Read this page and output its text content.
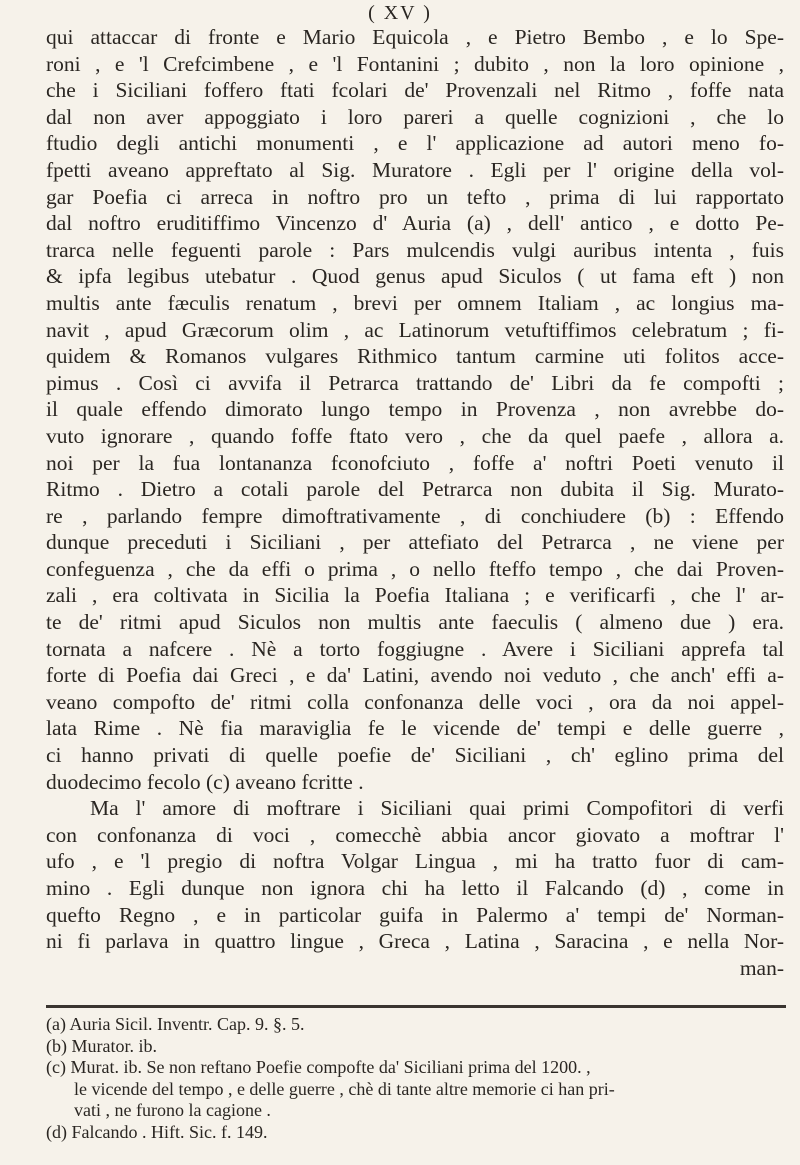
( XV )
qui attaccar di fronte e Mario Equicola , e Pietro Bembo , e lo Spe-
roni , e 'l Crefcimbene , e 'l Fontanini ; dubito , non la loro opinione ,
che i Siciliani foffero ftati fcolari de' Provenzali nel Ritmo , foffe nata
dal non aver appoggiato i loro pareri a quelle cognizioni , che lo
ftudio degli antichi monumenti , e l' applicazione ad autori meno fo-
fpetti aveano appreftato al Sig. Muratore . Egli per l' origine della vol-
gar Poefia ci arreca in noftro pro un tefto , prima di lui rapportato
dal noftro eruditiffimo Vincenzo d' Auria (a) , dell' antico , e dotto Pe-
trarca nelle feguenti parole : Pars mulcendis vulgi auribus intenta , fuis
& ipfa legibus utebatur . Quod genus apud Siculos ( ut fama eft ) non
multis ante fæculis renatum , brevi per omnem Italiam , ac longius ma-
navit , apud Græcorum olim , ac Latinorum vetuftiffimos celebratum ; fi-
quidem & Romanos vulgares Rithmico tantum carmine uti folitos acce-
pimus . Così ci avvifa il Petrarca trattando de' Libri da fe compofti ;
il quale effendo dimorato lungo tempo in Provenza , non avrebbe do-
vuto ignorare , quando foffe ftato vero , che da quel paefe , allora a.
noi per la fua lontananza fconofciuto , foffe a' noftri Poeti venuto il
Ritmo . Dietro a cotali parole del Petrarca non dubita il Sig. Murato-
re , parlando fempre dimoftrativamente , di conchiudere (b) : Effendo
dunque preceduti i Siciliani , per attefiato del Petrarca , ne viene per
confeguenza , che da effi o prima , o nello fteffo tempo , che dai Proven-
zali , era coltivata in Sicilia la Poefia Italiana ; e verificarfi , che l' ar-
te de' ritmi apud Siculos non multis ante faeculis ( almeno due ) era.
tornata a nafcere . Nè a torto foggiugne . Avere i Siciliani apprefa tal
forte di Poefia dai Greci , e da' Latini, avendo noi veduto , che anch' effi a-
veano compofto de' ritmi colla confonanza delle voci , ora da noi appel-
lata Rime . Nè fia maraviglia fe le vicende de' tempi e delle guerre ,
ci hanno privati di quelle poefie de' Siciliani , ch' eglino prima del
duodecimo fecolo (c) aveano fcritte .
Ma l' amore di moftrare i Siciliani quai primi Compofitori di verfi
con confonanza di voci , comecchè abbia ancor giovato a moftrar l'
ufo , e 'l pregio di noftra Volgar Lingua , mi ha tratto fuor di cam-
mino . Egli dunque non ignora chi ha letto il Falcando (d) , come in
quefto Regno , e in particolar guifa in Palermo a' tempi de' Norman-
ni fi parlava in quattro lingue , Greca , Latina , Saracina , e nella Nor-
man-
(a) Auria Sicil. Inventr. Cap. 9. §. 5.
(b) Murator. ib.
(c) Murat. ib. Se non reftano Poefie compofte da' Siciliani prima del 1200. ,
le vicende del tempo , e delle guerre , chè di tante altre memorie ci han pri-
vati , ne furono la cagione .
(d) Falcando . Hift. Sic. f. 149.
